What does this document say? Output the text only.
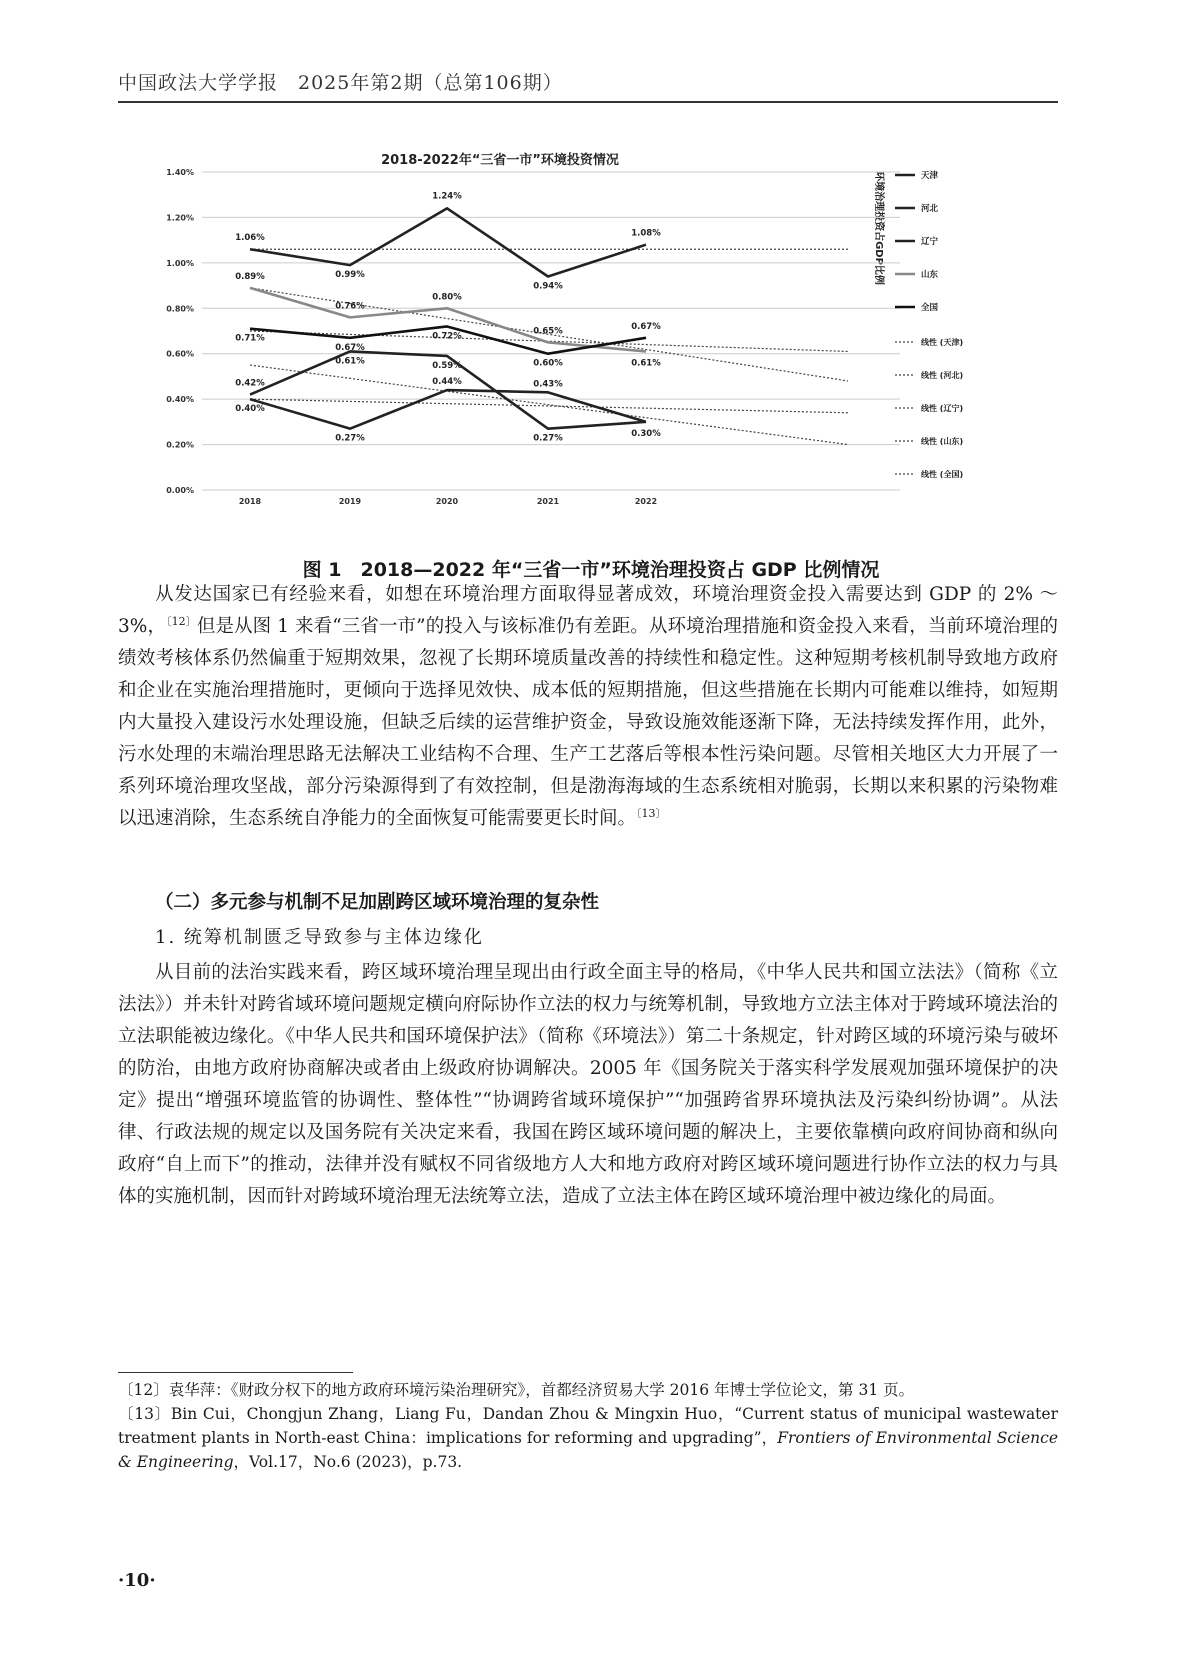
中国政法大学学报　2025年第2期（总第106期）
2018-2022年“三省一市”环境投资情况
环境治理投资占GDP比例
0.00%
0.20%
0.40%
0.60%
0.80%
1.00%
1.20%
1.40%
2018	2019	2020	2021	2022
0.40%
0.27%
0.44%	0.43%
0.30%
1.06%
0.99%
1.24%
0.94%
1.08%
0.42%
0.61%	0.59%
0.27%
0.89%
0.76%
0.80%
0.65%
0.61%
0.71%
0.67%
0.72%
0.60%
0.67%
天津
河北
辽宁
山东
全国
线性 (天津)
线性 (河北)
线性 (辽宁)
线性 (山东)
线性 (全国)
图 1　2018—2022 年“三省一市”环境治理投资占 GDP 比例情况

从发达国家已有经验来看，如想在环境治理方面取得显著成效，环境治理资金投入需要达到 GDP 的 2% ～ 3%，$^{〔12〕}$但是从图 1 来看“三省一市”的投入与该标准仍有差距。从环境治理措施和资金投入来看，当前环境治理的绩效考核体系仍然偏重于短期效果，忽视了长期环境质量改善的持续性和稳定性。这种短期考核机制导致地方政府和企业在实施治理措施时，更倾向于选择见效快、成本低的短期措施，但这些措施在长期内可能难以维持，如短期内大量投入建设污水处理设施，但缺乏后续的运营维护资金，导致设施效能逐渐下降，无法持续发挥作用，此外，污水处理的末端治理思路无法解决工业结构不合理、生产工艺落后等根本性污染问题。尽管相关地区大力开展了一系列环境治理攻坚战，部分污染源得到了有效控制，但是渤海海域的生态系统相对脆弱，长期以来积累的污染物难以迅速消除，生态系统自净能力的全面恢复可能需要更长时间。$^{〔13〕}$

（二）多元参与机制不足加剧跨区域环境治理的复杂性
1. 统筹机制匮乏导致参与主体边缘化

从目前的法治实践来看，跨区域环境治理呈现出由行政全面主导的格局，《中华人民共和国立法法》（简称《立法法》）并未针对跨省域环境问题规定横向府际协作立法的权力与统筹机制，导致地方立法主体对于跨域环境法治的立法职能被边缘化。《中华人民共和国环境保护法》（简称《环境法》）第二十条规定，针对跨区域的环境污染与破坏的防治，由地方政府协商解决或者由上级政府协调解决。2005 年《国务院关于落实科学发展观加强环境保护的决定》提出“增强环境监管的协调性、整体性”“协调跨省域环境保护”“加强跨省界环境执法及污染纠纷协调”。从法律、行政法规的规定以及国务院有关决定来看，我国在跨区域环境问题的解决上，主要依靠横向政府间协商和纵向政府“自上而下”的推动，法律并没有赋权不同省级地方人大和地方政府对跨区域环境问题进行协作立法的权力与具体的实施机制，因而针对跨域环境治理无法统筹立法，造成了立法主体在跨区域环境治理中被边缘化的局面。

〔12〕袁华萍：《财政分权下的地方政府环境污染治理研究》，首都经济贸易大学 2016 年博士学位论文，第 31 页。

〔13〕Bin Cui，Chongjun Zhang，Liang Fu，Dandan Zhou & Mingxin Huo，“Current status of municipal wastewater treatment plants in North-east China：implications for reforming and upgrading”，Frontiers of Environmental Science & Engineering，Vol.17，No.6 (2023)，p.73.

·10·
